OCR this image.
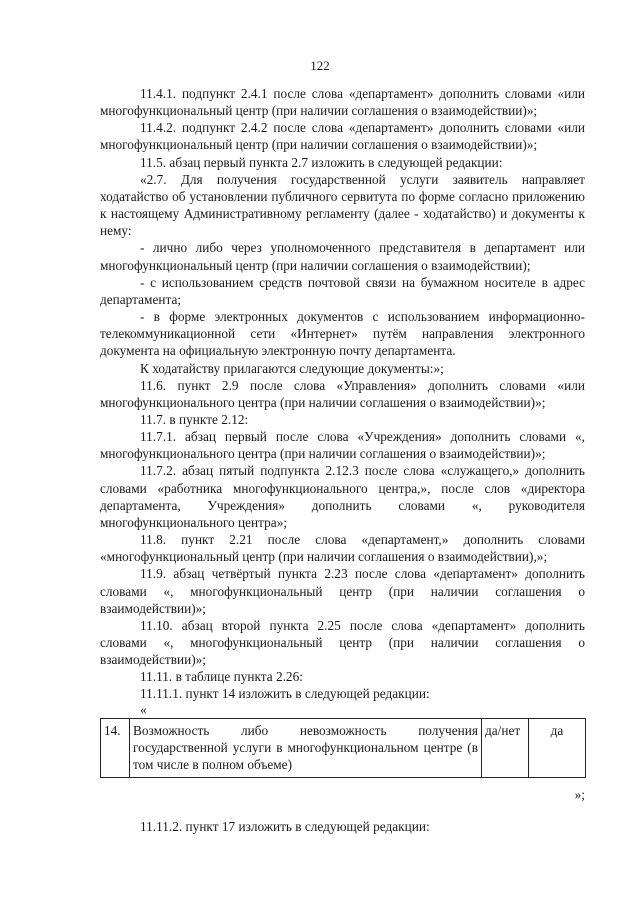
122

11.4.1. подпункт 2.4.1 после слова «департамент» дополнить словами «или многофункциональный центр (при наличии соглашения о взаимодействии)»;

11.4.2. подпункт 2.4.2 после слова «департамент» дополнить словами «или многофункциональный центр (при наличии соглашения о взаимодействии)»;

11.5. абзац первый пункта 2.7 изложить в следующей редакции:

«2.7. Для получения государственной услуги заявитель направляет ходатайство об установлении публичного сервитута по форме согласно приложению к настоящему Административному регламенту (далее - ходатайство) и документы к нему:

- лично либо через уполномоченного представителя в департамент или многофункциональный центр (при наличии соглашения о взаимодействии);

- с использованием средств почтовой связи на бумажном носителе в адрес департамента;

- в форме электронных документов с использованием информационно-телекоммуникационной сети «Интернет» путём направления электронного документа на официальную электронную почту департамента.

К ходатайству прилагаются следующие документы:»;

11.6. пункт 2.9 после слова «Управления» дополнить словами «или многофункционального центра (при наличии соглашения о взаимодействии)»;

11.7. в пункте 2.12:

11.7.1. абзац первый после слова «Учреждения» дополнить словами «, многофункционального центра (при наличии соглашения о взаимодействии)»;

11.7.2. абзац пятый подпункта 2.12.3 после слова «служащего,» дополнить словами «работника многофункционального центра,», после слов «директора департамента, Учреждения» дополнить словами «, руководителя многофункционального центра»;

11.8. пункт 2.21 после слова «департамент,» дополнить словами «многофункциональный центр (при наличии соглашения о взаимодействии),»;

11.9. абзац четвёртый пункта 2.23 после слова «департамент» дополнить словами «, многофункциональный центр (при наличии соглашения о взаимодействии)»;

11.10. абзац второй пункта 2.25 после слова «департамент» дополнить словами «, многофункциональный центр (при наличии соглашения о взаимодействии)»;

11.11. в таблице пункта 2.26:

11.11.1. пункт 14 изложить в следующей редакции:

«

14.	Возможность либо невозможность получения государственной услуги в многофункциональном центре (в том числе в полном объеме)	да/нет	да

»;

11.11.2. пункт 17 изложить в следующей редакции:
